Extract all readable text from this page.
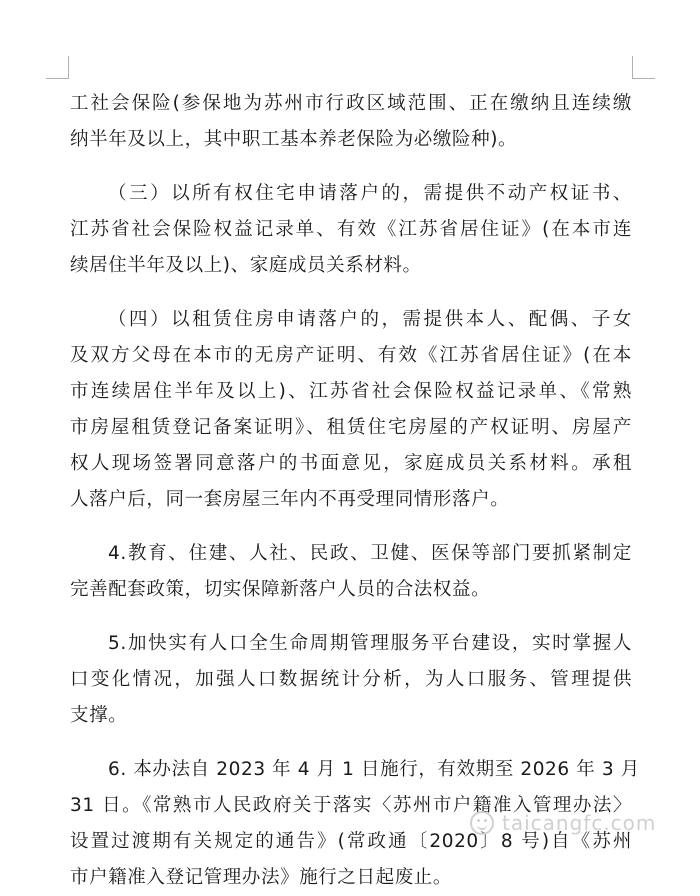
工社会保险(参保地为苏州市行政区域范围、正在缴纳且连续缴
纳半年及以上，其中职工基本养老保险为必缴险种)。
（三）以所有权住宅申请落户的，需提供不动产权证书、
江苏省社会保险权益记录单、有效《江苏省居住证》(在本市连
续居住半年及以上)、家庭成员关系材料。
（四）以租赁住房申请落户的，需提供本人、配偶、子女
及双方父母在本市的无房产证明、有效《江苏省居住证》(在本
市连续居住半年及以上)、江苏省社会保险权益记录单、《常熟
市房屋租赁登记备案证明》、租赁住宅房屋的产权证明、房屋产
权人现场签署同意落户的书面意见，家庭成员关系材料。承租
人落户后，同一套房屋三年内不再受理同情形落户。
4.教育、住建、人社、民政、卫健、医保等部门要抓紧制定
完善配套政策，切实保障新落户人员的合法权益。
5.加快实有人口全生命周期管理服务平台建设，实时掌握人
口变化情况，加强人口数据统计分析，为人口服务、管理提供
支撑。
6. 本办法自 2023 年 4 月 1 日施行，有效期至 2026 年 3 月
31 日。《常熟市人民政府关于落实〈苏州市户籍准入管理办法〉
设置过渡期有关规定的通告》(常政通〔2020〕8 号)自《苏州
市户籍准入登记管理办法》施行之日起废止。
taicangfc.com
